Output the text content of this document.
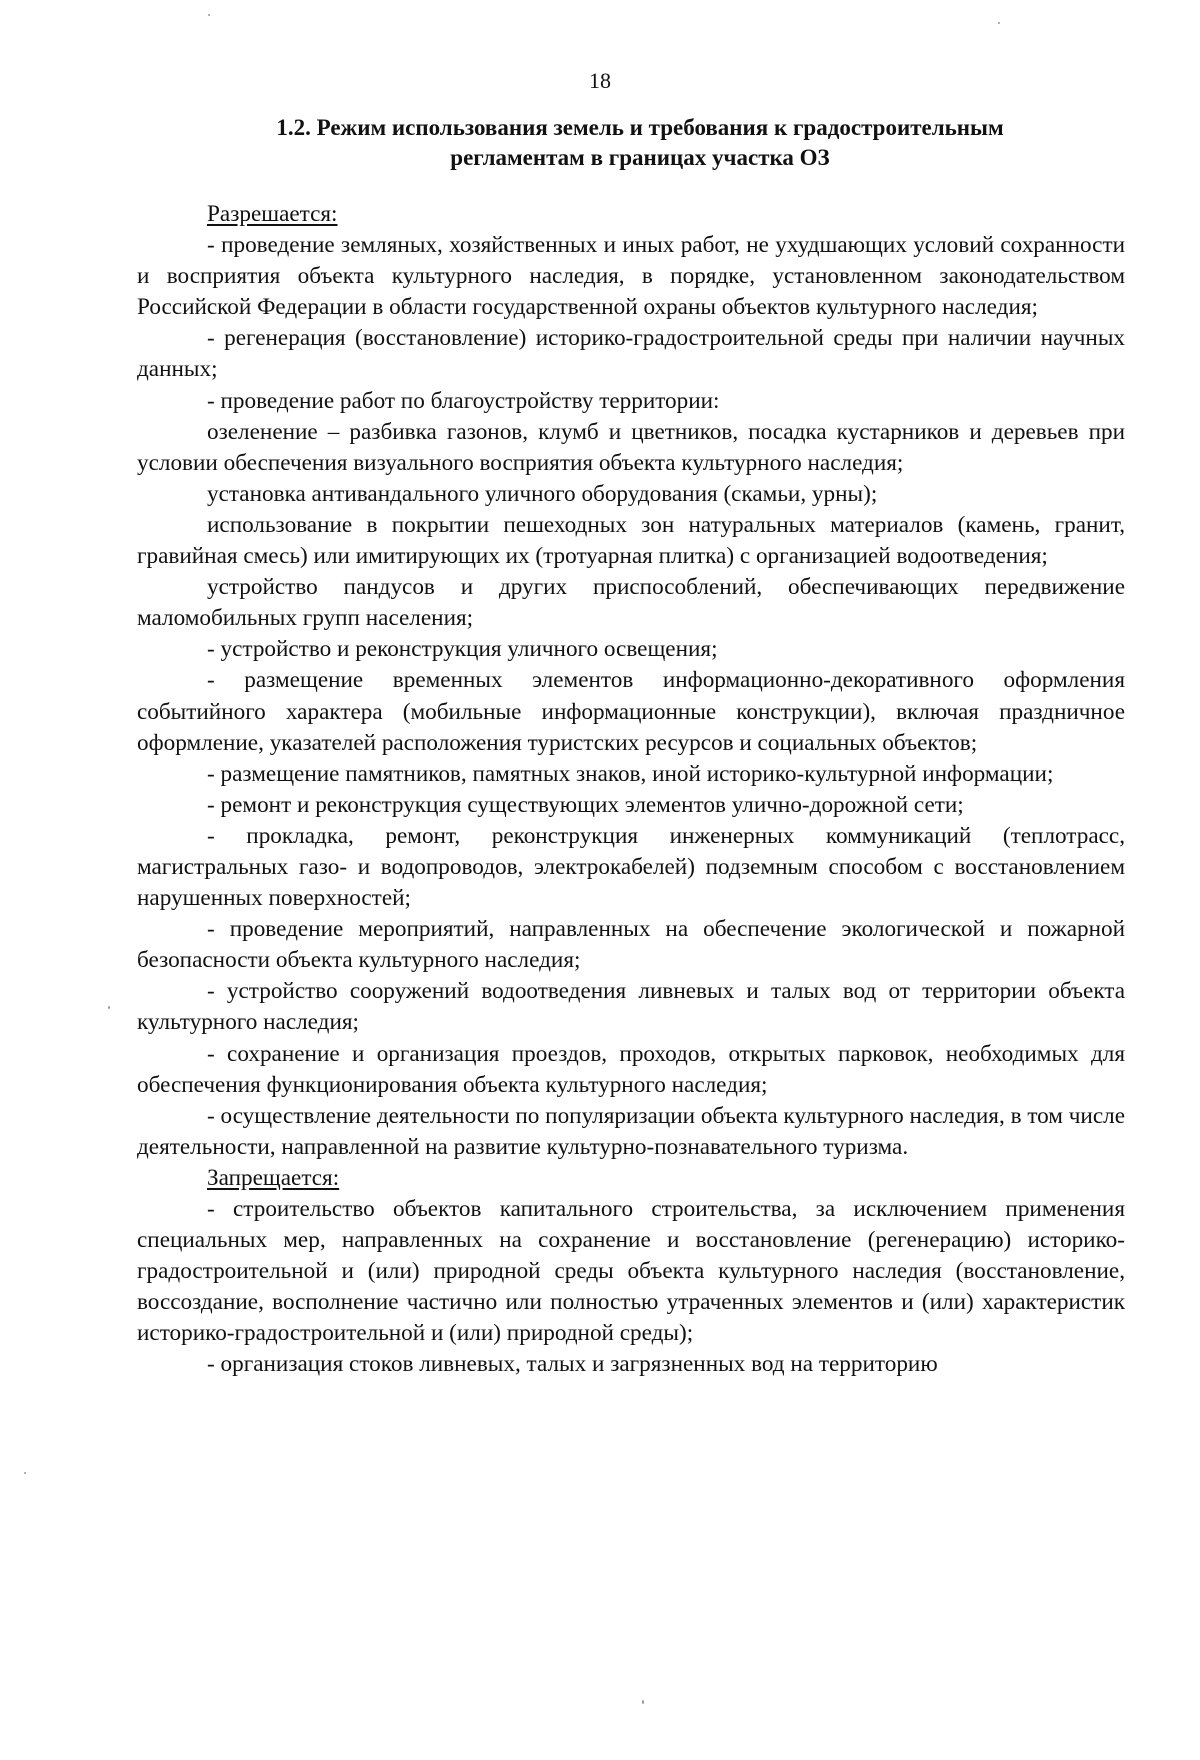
18
1.2. Режим использования земель и требования к градостроительным
регламентам в границах участка ОЗ

Разрешается:

- проведение земляных, хозяйственных и иных работ, не ухудшающих условий сохранности и восприятия объекта культурного наследия, в порядке, установленном законодательством Российской Федерации в области государственной охраны объектов культурного наследия;

- регенерация (восстановление) историко-градостроительной среды при наличии научных данных;

- проведение работ по благоустройству территории:

озеленение – разбивка газонов, клумб и цветников, посадка кустарников и деревьев при условии обеспечения визуального восприятия объекта культурного наследия;

установка антивандального уличного оборудования (скамьи, урны);

использование в покрытии пешеходных зон натуральных материалов (камень, гранит, гравийная смесь) или имитирующих их (тротуарная плитка) с организацией водоотведения;

устройство пандусов и других приспособлений, обеспечивающих передвижение маломобильных групп населения;

- устройство и реконструкция уличного освещения;

- размещение временных элементов информационно-декоративного оформления событийного характера (мобильные информационные конструкции), включая праздничное оформление, указателей расположения туристских ресурсов и социальных объектов;

- размещение памятников, памятных знаков, иной историко-культурной информации;

- ремонт и реконструкция существующих элементов улично-дорожной сети;

- прокладка, ремонт, реконструкция инженерных коммуникаций (теплотрасс, магистральных газо- и водопроводов, электрокабелей) подземным способом с восстановлением нарушенных поверхностей;

- проведение мероприятий, направленных на обеспечение экологической и пожарной безопасности объекта культурного наследия;

- устройство сооружений водоотведения ливневых и талых вод от территории объекта культурного наследия;

- сохранение и организация проездов, проходов, открытых парковок, необходимых для обеспечения функционирования объекта культурного наследия;

- осуществление деятельности по популяризации объекта культурного наследия, в том числе деятельности, направленной на развитие культурно-познавательного туризма.

Запрещается:

- строительство объектов капитального строительства, за исключением применения специальных мер, направленных на сохранение и восстановление (регенерацию) историко-градостроительной и (или) природной среды объекта культурного наследия (восстановление, воссоздание, восполнение частично или полностью утраченных элементов и (или) характеристик историко-градостроительной и (или) природной среды);

- организация стоков ливневых, талых и загрязненных вод на территорию
